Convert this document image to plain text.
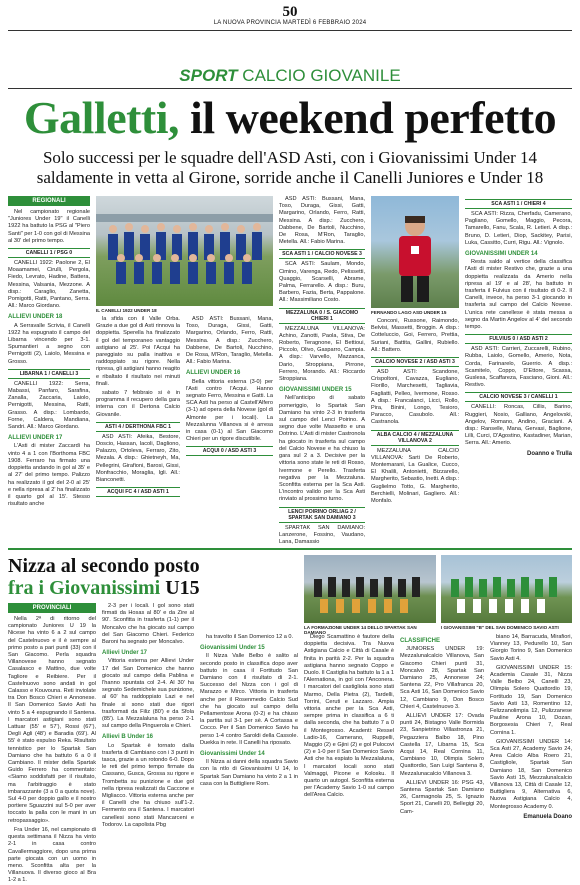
50
LA NUOVA PROVINCIA MARTEDÌ 6 FEBBRAIO 2024
SPORT CALCIO GIOVANILE
Galletti, il weekend perfetto
Solo successi per le squadre dell'ASD Asti, con i Giovanissimi Under 14 saldamente in vetta al Girone, sorride anche il Canelli Juniores e Under 18
REGIONALI

Nel campionato regionale "Juniores Under 19" il Canelli 1922 ha battuto la PSG al "Piero Santi" per 1-0 con gol di Messina al 30' del primo tempo.

CANELLI 1 / PSG 0

CANELLI 1922: Paolone 2, El Moaamamei, Cirulli, Pergola, Fiedo, Levrato, Hadine, Battera, Messina, Valsania, Mezzone. A disp.: Caraglio, Zanetta, Pomigotti, Ratti, Pantano, Serra. All.: Marco Giordano.

ALLIEVI UNDER 18

A Serravalle Scrivia, il Canelli 1922 ha espugnato il campo del Libarna vincendo per 3-1. Spumantieri a segno con Pernigotti (2), Laiolo, Messina e Grosso.

LIBARNA 1 / CANELLI 3

CANELLI 1922: Serra, Mabassi, Panfaro, Sarafina, Zanalla, Zaccaria, Laiolo, Pernigotti, Messina, Ratti, Grasso. A disp.: Lombardo, Forne, Caldera, Mandiana, Sandri. All.: Marco Giordano.

ALLIEVI UNDER 17

L'Asti di mister Zaccardi ha vinto 4 a 1 con l'Borthoma FBC 1908. Ferraro ha firmato una doppietta andando in gol al 35' e al 27' del primo tempo. Palizzo ha realizzato il gol del 2-0 al 25' e nella ripresa al 2' ha finalizzato il quarto gol al 15'. Stesso risultato anche

IL CANELLI 1922 UNDER 18

la sfida con il Valle Orba. Grazie a due gol di Asti rinnova la doppietta. Sperella ha finalizzato il gol del temporaneo vantaggio astigiano al 25'. Poi l'Acqui ha pareggiato su palla inattiva e raddoppiato su rigore. Nella ripresa, gli astigiani hanno reagito e ribaltato il risultato nei minuti finali.

sabato 7 febbraio si è in programma il recupero della gara interna con il Dertona Calcio Giovanile.

ASTI 4 / DERTHONA FBC 1

ASD ASTI: Afeika, Bestore, Doscio, Hassan, Iacoli, Dagliono, Palazzo, Ortoleva, Ferraro, Zito, Mezala. A disp.: Ghietneyh, Ma, Pellegrini, Girafioni, Barosi, Gissi, Monfracchio, Moraglia, Igli. All.: Bianconetti.

ACQUI FC 4 / ASD ASTI 1

ASD ASTI: Bussani, Mana, Toso, Duraga, Gissi, Gatti, Margarino, Orlando, Ferro, Ratti, Messina. A disp.: Zucchero, Dabbene, De Bartoli, Nucchino, De Rosa, M'Ron, Taraglio, Metella. All.: Fabio Marina.

ALLIEVI UNDER 16

Bella vittoria esterna (3-0) per l'Asti contro l'Acqui. Hanno segnato Ferro, Messina e Gatti. La SCA Asti ha perso al Castell'Alfero (3-1) ad opera della Novese (gol di Almonte per i locali). La Mezzalunna Villanova si è arresa in casa (0-1) al San Giacomo Chieri per un rigore discutibile.

ACQUI 0 / ASD ASTI 3

ASD ASTI: Bussani, Mana, Toso, Duraga, Gissi, Gatti, Margarino, Orlando, Ferro, Ratti, Messina. A disp.: Zucchero, Dabbene, De Bartoli, Nucchino, De Rosa, M'Ron, Taraglio, Metella. All.: Fabio Marina.

SCA ASTI 1 / CALCIO NOVESE 3

SCA ASTI: Saulam, Mondo, Cimino, Varenga, Redo, Pelissetti, Quaggio, Scarselli, Abrame, Palma, Ferrarello. A disp.: Buru, Barbero, Fazia, Berta, Pappalone. All.: Massimiliano Costo.

MEZZALUNA 0 / S. GIACOMO CHIERI 1

MEZZALUNA VILLANOVA: Achino, Zanotti, Paola, Stiva, De Roberto, Teragnone, El Bettioui, Piccolo, Olivo, Gasparro, Campia. A disp.: Varvello, Mazzanca, Dario, Stroppiana, Pirrone, Ferrero, Morando. All.: Riccardo Stroppiana.

GIOVANISSIMI UNDER 15

Nell'anticipo di sabato pomeriggio, lo Spartak San Damiano ha vinto 2-3 in trasferta sul campo del Lenci Poirino. A segno due volte Massetto e una Dotrino. L'Asti di mister Castronola ha giocato in trasferta sul campo del Calcio Novese e ha chiuso la gara sul 2 a 3. Decisive per la vittoria sono state le reti di Rosso, Ivermone e Perello. Trasferta negativa per la Mezzaluna. Sconfitta esterna per la Sca Asti. L'incontro valido per la Sca Asti rinviato al prossimo turno.

LENCI POIRINO ORLIAG 2 / SPARTAK SAN DAMIANO 3

SPARTAK SAN DAMIANO: Lanzerone, Fossino, Vaudano, Lana, Damassio

FERNANDO LAGO ASD UNDER 15

Conconi, Russone, Raimondo, Belvisi, Massetti, Broggin. A disp.: Cotteluccio, Goi, Ferrero, Prettia, Suriani, Battita, Gallini, Rubiello. All.: Battero.

CALCIO NOVESE 2 / ASD ASTI 3

ASD ASTI: Scandone, Crispoltoni, Cavazza, Eugliano, Fiorillo, Marchesetti, Tagliavia, Fagliatti, Pelleo, Ivermone, Rosso. A disp.: Francalanci, Licci, Rollo, Pira, Binini, Longo, Tesioro, Paracco, Casubolo. All.: Castranola.

ALBA CALCIO 4 / MEZZALUNA VILLANOVA 2

MEZZALUNA CALCIO VILLANOVA: Sarti De Roberto, Montemarani, La Gualice, Cucco, El Khalili, Antonietti, Bizzarello, Margherito, Sebastio, Inetti. A disp.: Guglielmo Totto, G. Margherito, Berchielli, Molinari, Gagliero. All.: Monfalo.

SCA ASTI 1 / CHIERI 4

SCA ASTI: Rizza, Cherfadu, Camerano, Pagliano, Gomello, Maggio, Pecora, Tamarello, Fanu, Scala, R. Letieri. A disp.: Bruno, D. Letieri, Diop, Sackitey, Parisi, Luka, Cassitto, Curri, Rigu. All.: Vignolo.

GIOVANISSIMI UNDER 14

Resta saldo al vertice della classifica l'Asti di mister Restivo che, grazie a una doppietta realizzata da Amerio nella ripresa al 19' e al 28', ha battuto in trasferta il Fulvius con il risultato di 0-2. Il Canelli, invece, ha perso 3-1 giocando in trasferta sul campo del Calcio Novese. L'unica rete canellese è stata messa a segno da Martin Angelov al 4' del secondo tempo.

FULVIUS 0 / ASD ASTI 2

ASD ASTI: Carrieri, Zuccarelli, Rubino, Rubba, Laiolo, Gomello, Amerio, Nota, Corda, Farinarelo, Guerrio. A disp.: Scamitelo, Coppo, D'Ettore, Scassa, Guslesa, Scaffareza, Fasciano, Gioni. All.: Restivo.

CALCIO NOVESE 3 / CANELLI 1

CANELLI: Roncas, Cillis, Barino, Ruggieri, Nosio, Galliano, Angelovski, Angelov, Romano, Andino, Graciani. A disp.: Ranselle, Mana, Gervasi, Baglione, Lilli, Curci, D'Agostino, Kastadiner, Marian, Serra. All.: Amerio.

Doanno e Trulla
Nizza al secondo posto
fra i Giovanissimi U15
LA FORMAZIONE UNDER 14 DELLO SPARTAK SAN DAMIANO
I GIOVANISSIMI "B" DEL SAN DOMENICO SAVIO ASTI
PROVINCIALI

Nella 2ª di ritorno del campionato Juniores U 19 la Nicese ha vinto 6 a 2 sul campo del Castelnuovo e il è sempre al primo posto a pari punti (33) con il San Giacomo. Perla squadra Villanovese hanno segnato Casalasco e Mattino, due volte Tagliore e Reibiere. Per il Castelnuovo sono andati in gol Calasso e Kouvouna. Reti inviolate tra Don Bosco Chieri e Annonese. Il San Domenico Savio Asti ha vinto 5 a 4 espugnando il Santena. I marcatori astigiani sono stati Lattuar (55' e 57'), Rossi (67'), Degli Agli (48') e Baradia (69'). Al 55' è stato espulso Reka. Risultato tennistico per lo Spartak San Damiano che ha battuto 6 a 0 il Cambiano. Il mister della Spartak Guido Ferrero ha commentato: «Siamo soddisfatti per il risultato, ma l'arbitraggio è stato imbarazzante (3 a 0 a quota nove). Sul 4-0 per doppio gallo e il nostro portiere Sguazzini sul 5-0 per aver toccato la palla con le mani in un retropassaggio».

Fra Under 16, nel campionato di questa settimana il Nizza ha vinto 2-1 in casa contro Cavallermaggiore, dopo una prima parte giocata con un uomo in meno. Sconfitta alta per la Villanuova. Il diverso gioco al Bra 1-2 a 1.

2-3 per i locali. I gol sono stati firmati da Hosas al 80' e da Zire al 90'. Sconfitta in trasferta (1-1) per il Moncalvo che ha giocato sul campo del San Giacomo Chieri. Federico Baroni ha segnato per Moncalvo.

Allievi Under 17

Vittoria esterna per Allievi Under 17 del San Domenico che hanno giocato sul campo della Pablina e l'hanno spuntata col 2-4. Al 30' ha segnato Sedemichele sua punizione, al 60' ha raddoppiato Lazi e nel finale si sono stati due rigori trasformati da Filiz (80') e da Sfola (85'). La Mezzalaluna ha perso 2-1 sul campo della Pinguerola e Chieri.

Allievi B Under 16

Lo Spartak è tornato dalla trasferta di Cambiano con i 3 punti in tasca, grazie a un rotondo 6-0. Dopo le reti del primo tempo firmate da Cassano, Gusca, Grossa su rigore e Trombetta su punizione e due gol nella ripresa realizzati da Caccone e Migliacco. Vittoria esterna anche per il Canelli che ha chiuso sull'1-2. Fermento ora il Santena. I marcatori canellesi sono stati Mancarceni e Todorov. La capolista Pbg

ha travolto il San Domenico 12 a 0.

Giovanissimi Under 15

Il Nizza Valle Belbo è salito al secondo posto in classifica dopo aver battuto in casa il Fortitudo San Damiano con il risultato di 2-1. Successo del Nizza con i gol di Marazzo e Mirco. Vittoria in trasferta anche per il Rosenmedio Calcio Sud che ha giocato sul campo della Pellamentose Arona (0-2) e ha chiuso la partita sul 3-1 per sè. A Cortassa e Cocco. Per il San Domenico Savio ha perso 1-4 contro Saroldi della Cassole. Duekka in rete. Il Canelli ha riposato.

Giovanissimi Under 14

Il Nizza ai danni della squadra Savio con la ntlo di Giovanissimi U 14, lo Spartak San Damiano ha vinto 2 a 1 in casa con la Buttigliere Rom.

Diego Scamattino è fautore della doppietta decisiva. Tra Nuova Astigiana Calcio e Città di Casale è finita in parità 2-2. Per la squadra astigiana hanno segnato Coppo e Duolo. Il Castiglia ha battuto la 1 a 1 l'Alernationa, in gol con l'Anconera. I marcatori del castigliola sono stati Marmo, Della Pietra (2), Tardelli, Torrini, Ceruti e Lazzaro. Ampia vittoria anche per la Sca Asti, sempre prima in classifica a 6 ti dalla seconda, che ha battuto 7 a 0 il Montegrosso. Acadenti: Ressel Ladio-16, Camerano, Ruppelli, Maggio (2) e Gjini (2) e gol Pulocovi (2) e 1-0 per il San Domenico Savio Asti che ha espiato la Mezzalaluna, I marcatori locali sono stati Valmaggi, Picone e Kolosku. Il quarto un autogol. Sconfitta esterna per l'Academy Savio 1-0 sul campo dell'Area Calcio.

CLASSIFICHE

JUNIORES UNDER 19: Mezzalunalcalcio Villanova, San Giacomo Chieri punti 31, Moncalvo 28, Spartak San Damiano 25, Annonese 24; Santena 22, Pro Villafranca 20, Sca Asti 16, San Domenico Savio 12, Cambiano 9, Don Bosco Chieri 4, Castelnuovo 3.

ALLIEVI UNDER 17: Ovada punti 24, Bistagno Valle Bormida 23, Sanpietrino Villastronza 21, Pegazziera Balbo 18, Pino Castella 17, Libarna 15, Sca Acqui 14, Real Cornina 11, Cambiano 10, Olimpia Solero Quattordio, San Luigi Santena 8, Mezzalunacalcio Villanova 3.

ALLIEVI UNDER 16: PSG 43, Santena Spartak San Damiano 26, Carmagnola 25, S. Ignazio Sport 21, Canelli 20, Bellegigi 20, Cam-

biano 14, Barracuda, Mirafiori, Vianney 13, Pedurello 10, San Giorgio Torino 9, San Domenico Savio Asti 4.

GIOVANISSIMI UNDER 15: Academia Casale 31, Nizza Valle Belbo 24, Canelli 23, Olimpia Solero Quattordio 19, Fortitudo 19, San Domenico Savio Asti 13, Romentino 12, Felizzanolimpia 12, Pulizzanese Pauline Arona 10, Dozan, Borgosesia Chieri 7, Real Cornina 1.

GIOVANISSIMI UNDER 14: Sca Asti 27, Academy Savio 24, Area Calcio Alba Roero 21, Castigliole, Spartak San Damiano 18, San Domenico Savio Asti 15, Mezzalunalcalcio Villanova 13, Città di Casale 12, Buttigliera 9, Alternativa 6, Nuova Astigiana Calcio 4, Montegrosso Academy 0.

Emanuela Doano
